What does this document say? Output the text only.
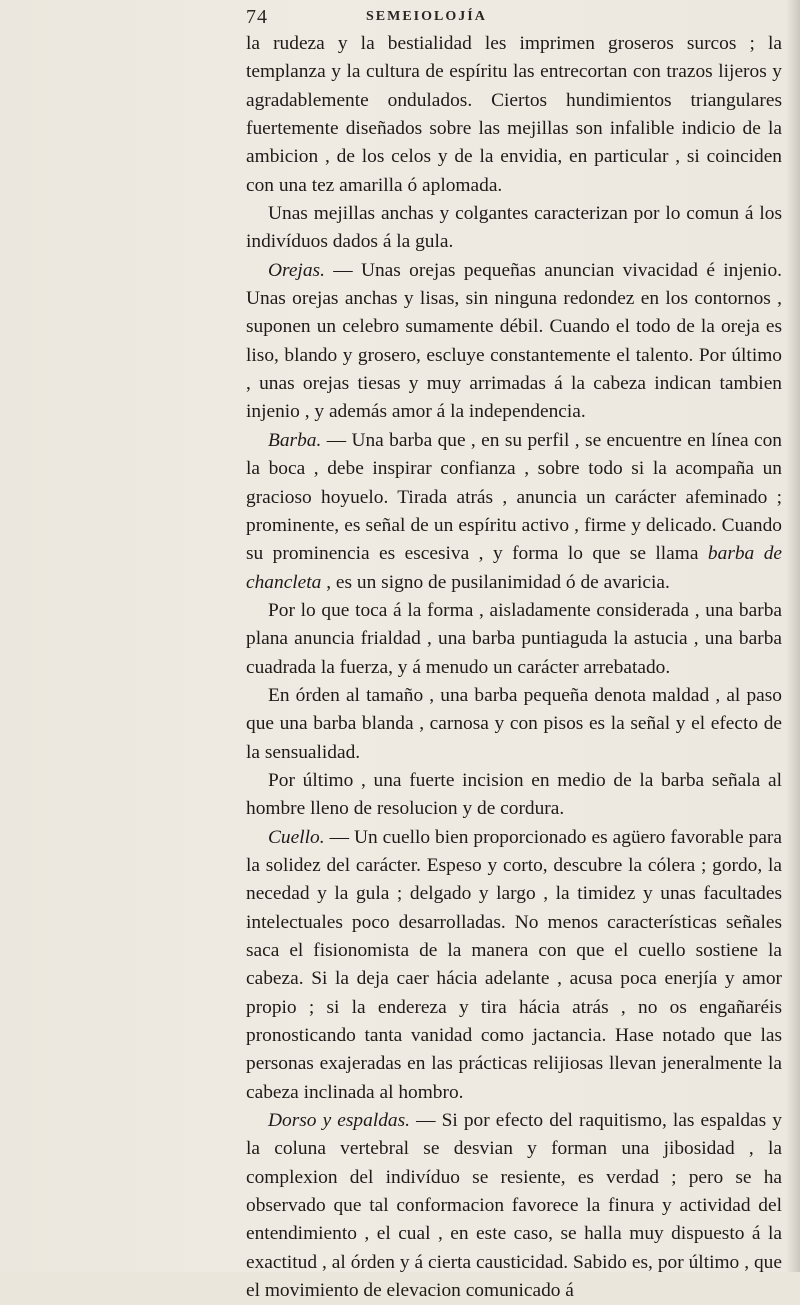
74	SEMEIOLOJÍA

la rudeza y la bestialidad les imprimen groseros surcos ; la templanza y la cultura de espíritu las entrecortan con trazos lijeros y agradablemente ondulados. Ciertos hundimientos triangulares fuertemente diseñados sobre las mejillas son infalible indicio de la ambicion , de los celos y de la envidia, en particular , si coinciden con una tez amarilla ó aplomada.

Unas mejillas anchas y colgantes caracterizan por lo comun á los indivíduos dados á la gula.

Orejas. — Unas orejas pequeñas anuncian vivacidad é injenio. Unas orejas anchas y lisas, sin ninguna redondez en los contornos , suponen un celebro sumamente débil. Cuando el todo de la oreja es liso, blando y grosero, escluye constantemente el talento. Por último , unas orejas tiesas y muy arrimadas á la cabeza indican tambien injenio , y además amor á la independencia.

Barba. — Una barba que , en su perfil , se encuentre en línea con la boca , debe inspirar confianza , sobre todo si la acompaña un gracioso hoyuelo. Tirada atrás , anuncia un carácter afeminado ; prominente, es señal de un espíritu activo , firme y delicado. Cuando su prominencia es escesiva , y forma lo que se llama barba de chancleta , es un signo de pusilanimidad ó de avaricia.

Por lo que toca á la forma , aisladamente considerada , una barba plana anuncia frialdad , una barba puntiaguda la astucia , una barba cuadrada la fuerza, y á menudo un carácter arrebatado.

En órden al tamaño , una barba pequeña denota maldad , al paso que una barba blanda , carnosa y con pisos es la señal y el efecto de la sensualidad.

Por último , una fuerte incision en medio de la barba señala al hombre lleno de resolucion y de cordura.

Cuello. — Un cuello bien proporcionado es agüero favorable para la solidez del carácter. Espeso y corto, descubre la cólera ; gordo, la necedad y la gula ; delgado y largo , la timidez y unas facultades intelectuales poco desarrolladas. No menos características señales saca el fisionomista de la manera con que el cuello sostiene la cabeza. Si la deja caer hácia adelante , acusa poca enerjía y amor propio ; si la endereza y tira hácia atrás , no os engañaréis pronosticando tanta vanidad como jactancia. Hase notado que las personas exajeradas en las prácticas relijiosas llevan jeneralmente la cabeza inclinada al hombro.

Dorso y espaldas. — Si por efecto del raquitismo, las espaldas y la coluna vertebral se desvian y forman una jibosidad , la complexion del indivíduo se resiente, es verdad ; pero se ha observado que tal conformacion favorece la finura y actividad del entendimiento , el cual , en este caso, se halla muy dispuesto á la exactitud , al órden y á cierta causticidad. Sabido es, por último , que el movimiento de elevacion comunicado á
